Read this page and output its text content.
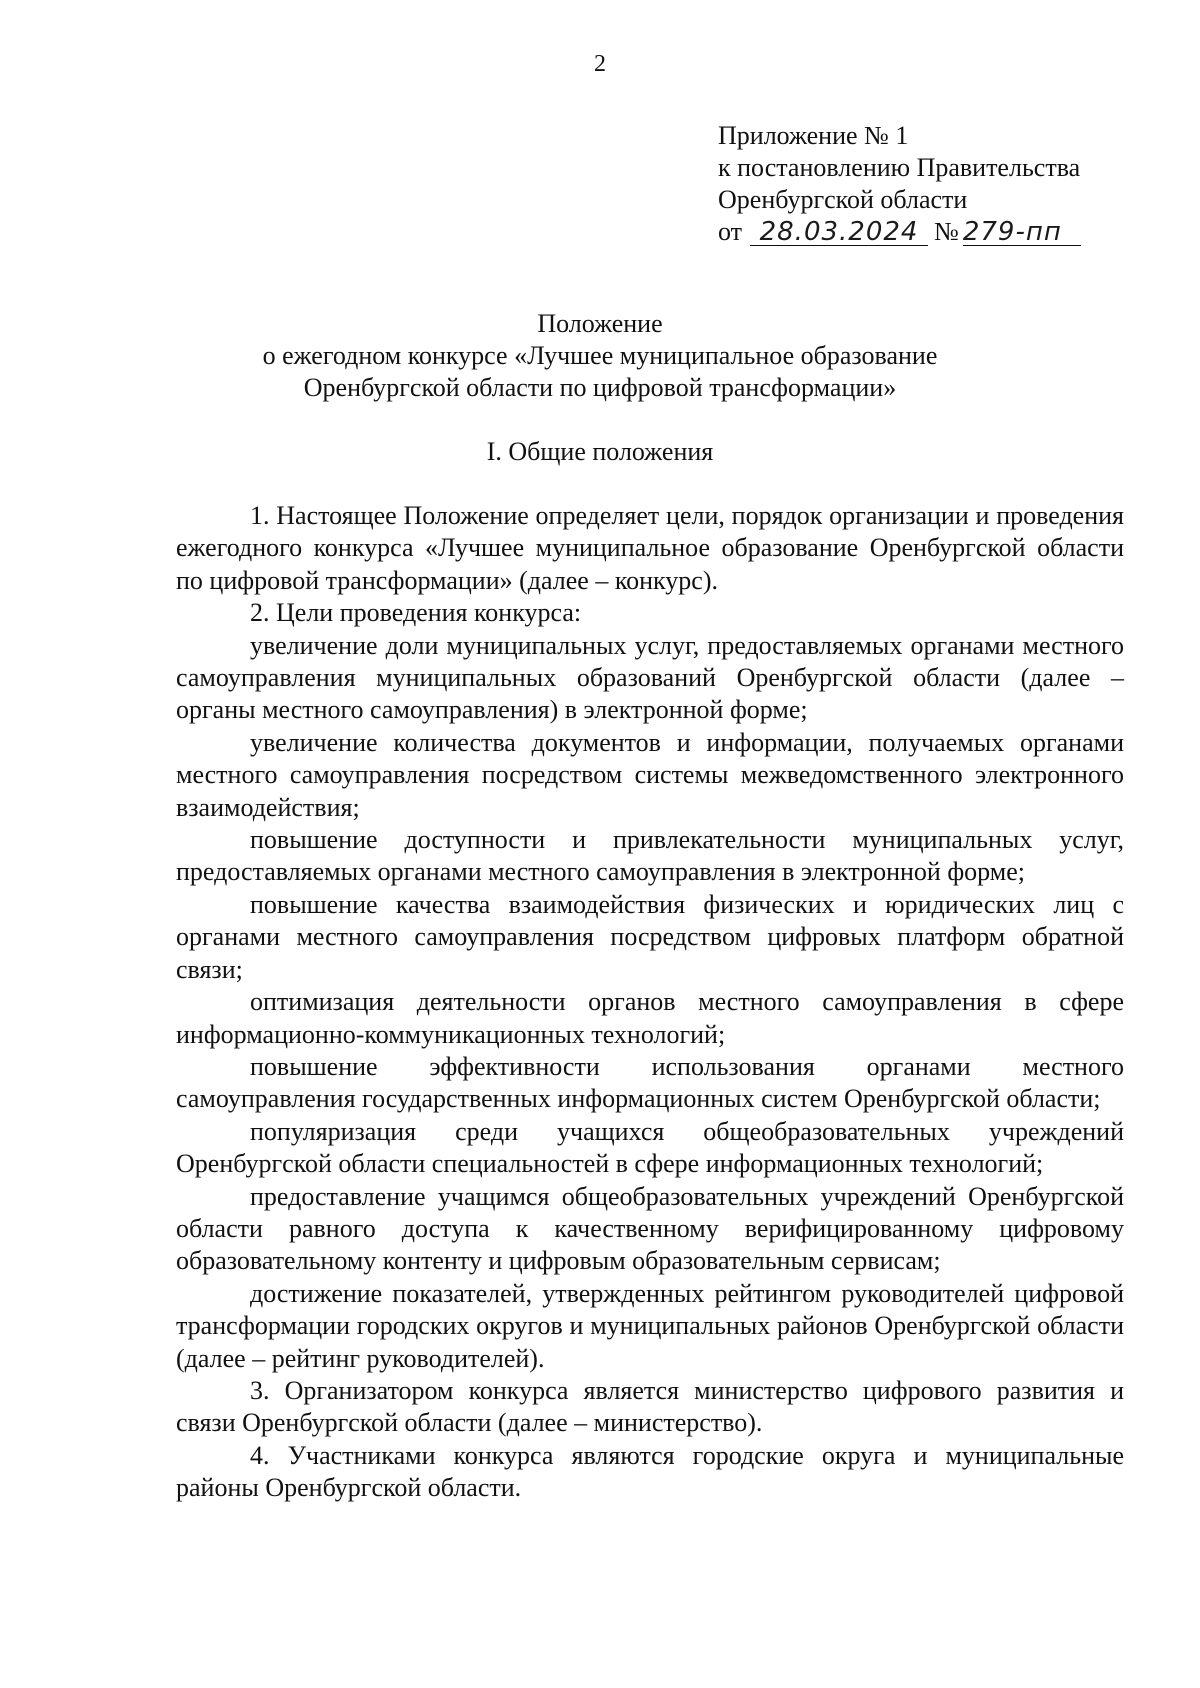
2
Приложение № 1
к постановлению Правительства
Оренбургской области
от 28.03.2024 № 279-пп
Положение
о ежегодном конкурсе «Лучшее муниципальное образование
Оренбургской области по цифровой трансформации»
I. Общие положения

1. Настоящее Положение определяет цели, порядок организации и проведения ежегодного конкурса «Лучшее муниципальное образование Оренбургской области по цифровой трансформации» (далее – конкурс).

2. Цели проведения конкурса:

увеличение доли муниципальных услуг, предоставляемых органами местного самоуправления муниципальных образований Оренбургской области (далее – органы местного самоуправления) в электронной форме;

увеличение количества документов и информации, получаемых органами местного самоуправления посредством системы межведомственного электронного взаимодействия;

повышение доступности и привлекательности муниципальных услуг, предоставляемых органами местного самоуправления в электронной форме;

повышение качества взаимодействия физических и юридических лиц с органами местного самоуправления посредством цифровых платформ обратной связи;

оптимизация деятельности органов местного самоуправления в сфере информационно-коммуникационных технологий;

повышение эффективности использования органами местного самоуправления государственных информационных систем Оренбургской области;

популяризация среди учащихся общеобразовательных учреждений Оренбургской области специальностей в сфере информационных технологий;

предоставление учащимся общеобразовательных учреждений Оренбургской области равного доступа к качественному верифицированному цифровому образовательному контенту и цифровым образовательным сервисам;

достижение показателей, утвержденных рейтингом руководителей цифровой трансформации городских округов и муниципальных районов Оренбургской области (далее – рейтинг руководителей).

3. Организатором конкурса является министерство цифрового развития и связи Оренбургской области (далее – министерство).

4. Участниками конкурса являются городские округа и муниципальные районы Оренбургской области.
